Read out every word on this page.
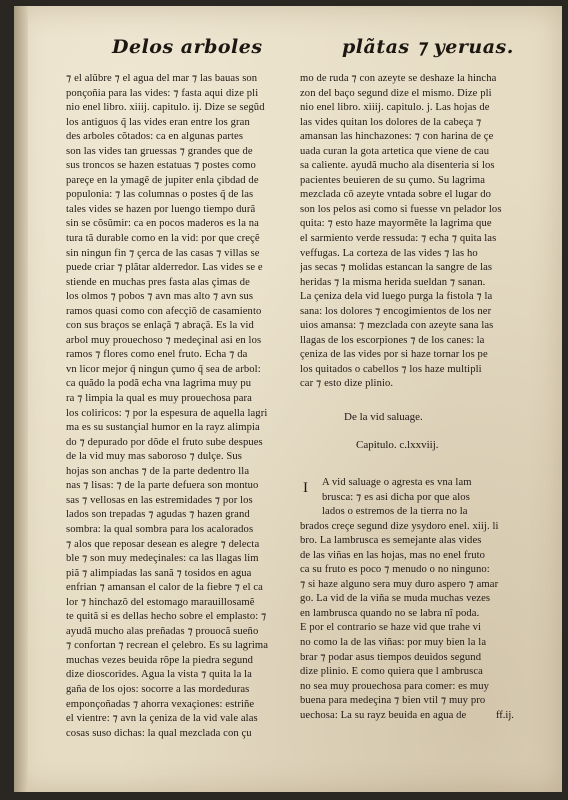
Delos arboles	plãtas ⁊ yeruas.
⁊ el alũbre ⁊ el agua del mar ⁊ las bauas son
ponçoñia para las vides: ⁊ fasta aqui dize pli
nio enel libro. xiiij. capitulo. ij. Dize se segũd
los antiguos q̃ las vides eran entre los gran
des arboles cõtados: ca en algunas partes
son las vides tan gruessas ⁊ grandes que de
sus troncos se hazen estatuas ⁊ postes como
pareçe en la ymagẽ de jupiter enla çibdad de
populonia: ⁊ las columnas o postes q̃ de las
tales vides se hazen por luengo tiempo durã
sin se cõsũmir: ca en pocos maderos es la na
tura tã durable como en la vid: por que creçẽ
sin ningun fin ⁊ çerca de las casas ⁊ villas se
puede criar ⁊ plãtar alderredor. Las vides se e
stiende en muchas pres fasta alas çimas de
los olmos ⁊ pobos ⁊ avn mas alto ⁊ avn sus
ramos quasi como con afecçiõ de casamiento
con sus braços se enlaçã ⁊ abraçã. Es la vid
arbol muy prouechoso ⁊ medeçinal asi en los
ramos ⁊ flores como enel fruto. Echa ⁊ da
vn licor mejor q̃ ningun çumo q̃ sea de arbol:
ca quãdo la podã echa vna lagrima muy pu
ra ⁊ limpia la qual es muy prouechosa para
los coliricos: ⁊ por la espesura de aquella lagri
ma es su sustançial humor en la rayz alimpia
do ⁊ depurado por dõde el fruto sube despues
de la vid muy mas saboroso ⁊ dulçe. Sus
hojas son anchas ⁊ de la parte dedentro lla
nas ⁊ lisas: ⁊ de la parte defuera son montuo
sas ⁊ vellosas en las estremidades ⁊ por los
lados son trepadas ⁊ agudas ⁊ hazen grand
sombra: la qual sombra para los acalorados
⁊ alos que reposar desean es alegre ⁊ delecta
ble ⁊ son muy medeçinales: ca las llagas lim
piã ⁊ alimpiadas las sanã ⁊ tosidos en agua
enfrian ⁊ amansan el calor de la fiebre ⁊ el ca
lor ⁊ hinchazõ del estomago marauillosamẽ
te quitã si es dellas hecho sobre el emplasto: ⁊
ayudã mucho alas preñadas ⁊ prouocã sueño
⁊ confortan ⁊ recrean el çelebro. Es su lagrima
muchas vezes beuida rõpe la piedra segund
dize dioscorides. Agua la vista ⁊ quita la la
gaña de los ojos: socorre a las mordeduras
emponçoñadas ⁊ ahorra vexaçiones: estriñe
el vientre: ⁊ avn la çeniza de la vid vale alas
cosas suso dichas: la qual mezclada con çu
mo de ruda ⁊ con azeyte se deshaze la hincha
zon del baço segund dize el mismo. Dize pli
nio enel libro. xiiij. capitulo. j. Las hojas de
las vides quitan los dolores de la cabeça ⁊
amansan las hinchazones: ⁊ con harina de çe
uada curan la gota artetica que viene de cau
sa caliente. ayudã mucho ala disenteria si los
pacientes beuieren de su çumo. Su lagrima
mezclada cõ azeyte vntada sobre el lugar do
son los pelos asi como si fuesse vn pelador los
quita: ⁊ esto haze mayormẽte la lagrima que
el sarmiento verde ressuda: ⁊ echa ⁊ quita las
veffugas. La corteza de las vides ⁊ las ho
jas secas ⁊ molidas estancan la sangre de las
heridas ⁊ la misma herida sueldan ⁊ sanan.
La çeniza dela vid luego purga la fistola ⁊ la
sana: los dolores ⁊ encogimientos de los ner
uios amansa: ⁊ mezclada con azeyte sana las
llagas de los escorpiones ⁊ de los canes: la
çeniza de las vides por si haze tornar los pe
los quitados o cabellos ⁊ los haze multipli
car ⁊ esto dize plinio.
De la vid saluage.
Capitulo. c.lxxviij.
I	A vid saluage o agresta es vna lam
brusca: ⁊ es asi dicha por que alos
lados o estremos de la tierra no la
brados creçe segund dize ysydoro enel. xiij. li
bro. La lambrusca es semejante alas vides
de las viñas en las hojas, mas no enel fruto
ca su fruto es poco ⁊ menudo o no ninguno:
⁊ si haze alguno sera muy duro aspero ⁊ amar
go. La vid de la viña se muda muchas vezes
en lambrusca quando no se labra nĩ poda.
E por el contrario se haze vid que trahe vi
no como la de las viñas: por muy bien la la
brar ⁊ podar asus tiempos deuidos segund
dize plinio. E como quiera que l ambrusca
no sea muy prouechosa para comer: es muy
buena para medeçina ⁊ bien vtil ⁊ muy pro
uechosa: La su rayz beuida en agua de	ff.ij.
